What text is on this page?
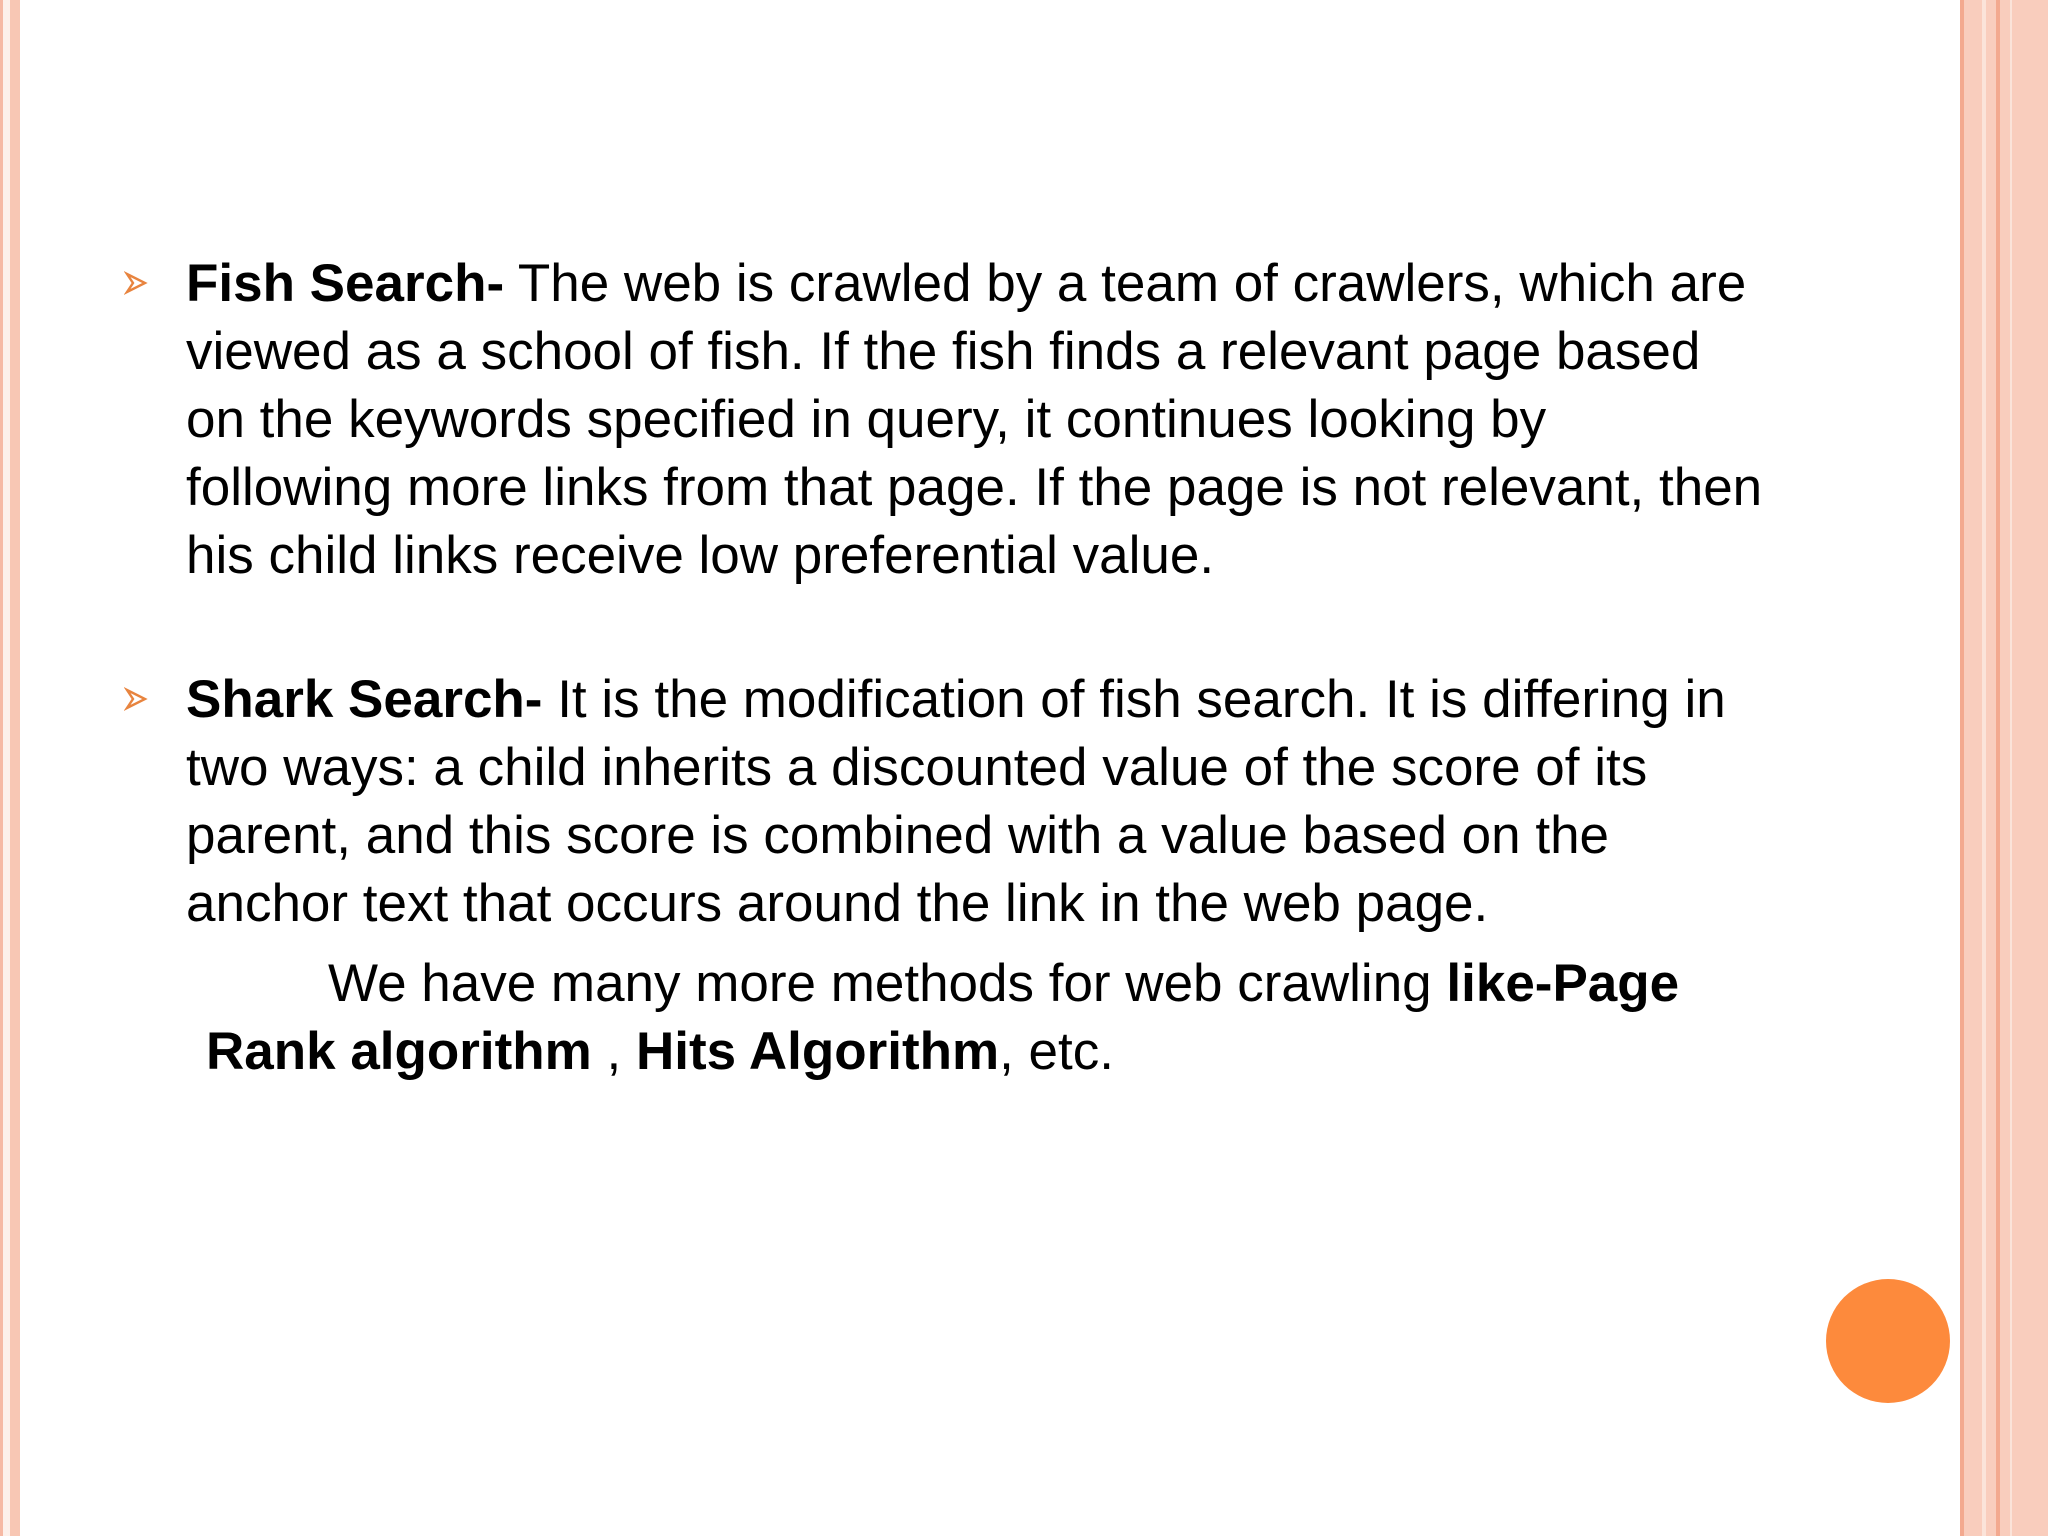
Fish Search- The web is crawled by a team of crawlers, which are viewed as a school of fish. If the fish finds a relevant page based on the keywords specified in query, it continues looking by following more links from that page. If the page is not relevant, then his child links receive low preferential value.

Shark Search- It is the modification of fish search. It is differing in two ways: a child inherits a discounted value of the score of its parent, and this score is combined with a value based on the anchor text that occurs around the link in the web page.

We have many more methods for web crawling like-Page Rank algorithm , Hits Algorithm, etc.
